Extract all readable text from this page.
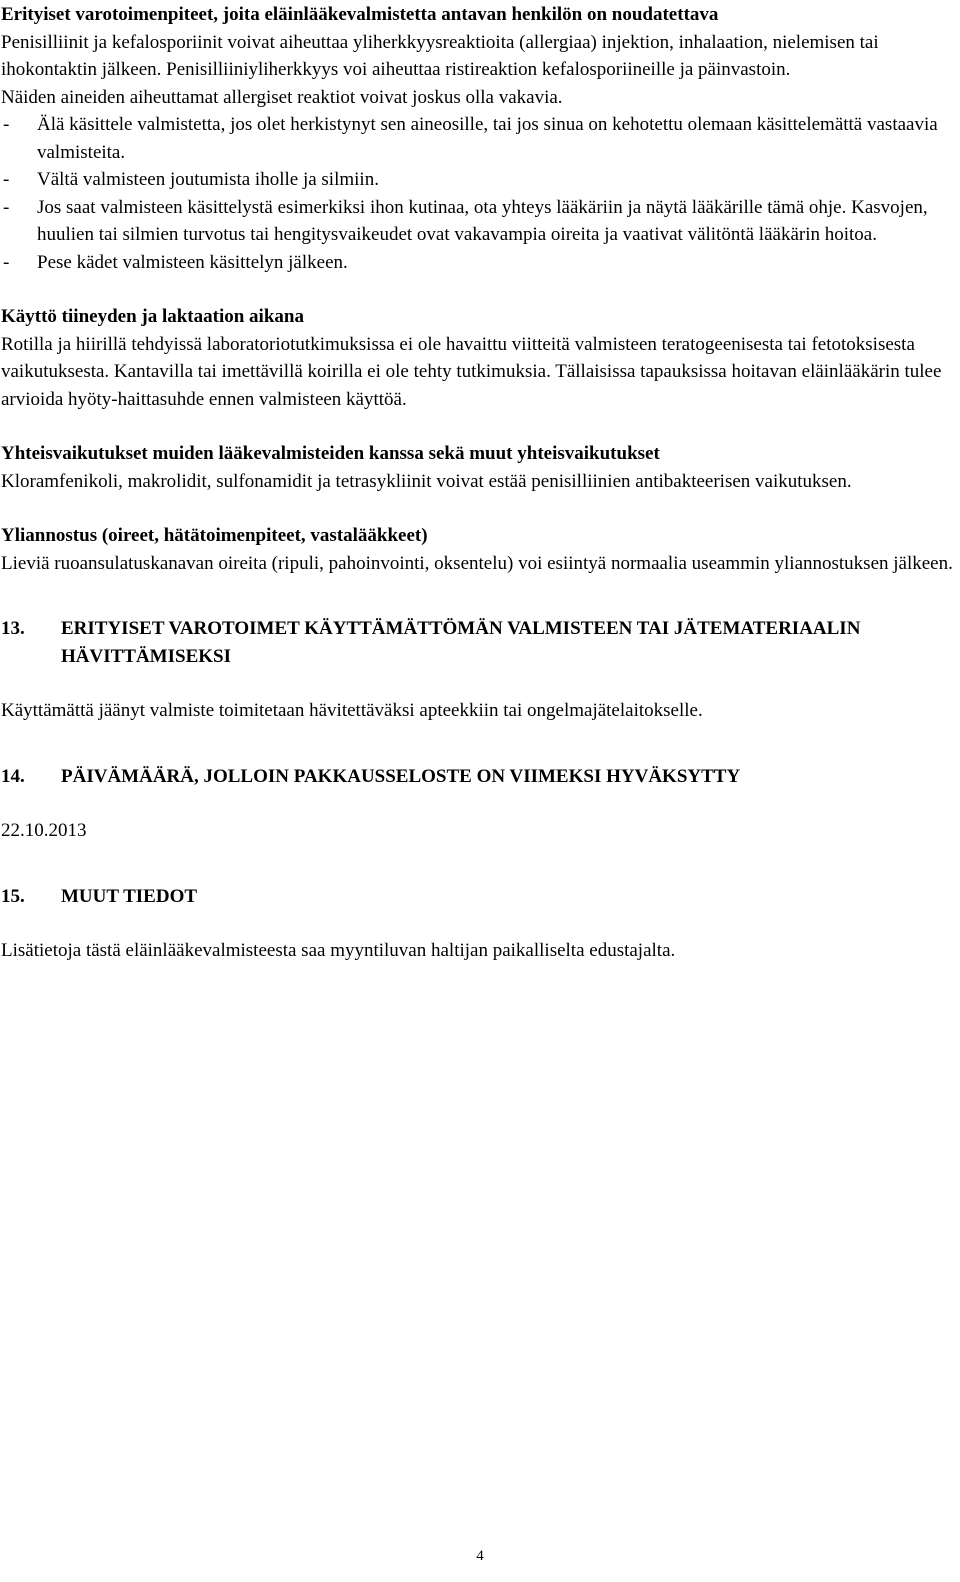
Erityiset varotoimenpiteet, joita eläinlääkevalmistetta antavan henkilön on noudatettava

Penisilliinit ja kefalosporiinit voivat aiheuttaa yliherkkyysreaktioita (allergiaa) injektion, inhalaation, nielemisen tai ihokontaktin jälkeen. Penisilliiniyliherkkyys voi aiheuttaa ristireaktion kefalosporiineille ja päinvastoin.

Näiden aineiden aiheuttamat allergiset reaktiot voivat joskus olla vakavia.

- Älä käsittele valmistetta, jos olet herkistynyt sen aineosille, tai jos sinua on kehotettu olemaan käsittelemättä vastaavia valmisteita.
- Vältä valmisteen joutumista iholle ja silmiin.
- Jos saat valmisteen käsittelystä esimerkiksi ihon kutinaa, ota yhteys lääkäriin ja näytä lääkärille tämä ohje. Kasvojen, huulien tai silmien turvotus tai hengitysvaikeudet ovat vakavampia oireita ja vaativat välitöntä lääkärin hoitoa.
- Pese kädet valmisteen käsittelyn jälkeen.

Käyttö tiineyden ja laktaation aikana

Rotilla ja hiirillä tehdyissä laboratoriotutkimuksissa ei ole havaittu viitteitä valmisteen teratogeenisesta tai fetotoksisesta vaikutuksesta. Kantavilla tai imettävillä koirilla ei ole tehty tutkimuksia. Tällaisissa tapauksissa hoitavan eläinlääkärin tulee arvioida hyöty-haittasuhde ennen valmisteen käyttöä.

Yhteisvaikutukset muiden lääkevalmisteiden kanssa sekä muut yhteisvaikutukset

Kloramfenikoli, makrolidit, sulfonamidit ja tetrasykliinit voivat estää penisilliinien antibakteerisen vaikutuksen.

Yliannostus (oireet, hätätoimenpiteet, vastalääkkeet)

Lieviä ruoansulatuskanavan oireita (ripuli, pahoinvointi, oksentelu) voi esiintyä normaalia useammin yliannostuksen jälkeen.

13.	ERITYISET VAROTOIMET KÄYTTÄMÄTTÖMÄN VALMISTEEN TAI JÄTEMATERIAALIN HÄVITTÄMISEKSI

Käyttämättä jäänyt valmiste toimitetaan hävitettäväksi apteekkiin tai ongelmajätelaitokselle.

14.	PÄIVÄMÄÄRÄ, JOLLOIN PAKKAUSSELOSTE ON VIIMEKSI HYVÄKSYTTY

22.10.2013

15.	MUUT TIEDOT

Lisätietoja tästä eläinlääkevalmisteesta saa myyntiluvan haltijan paikalliselta edustajalta.

4
